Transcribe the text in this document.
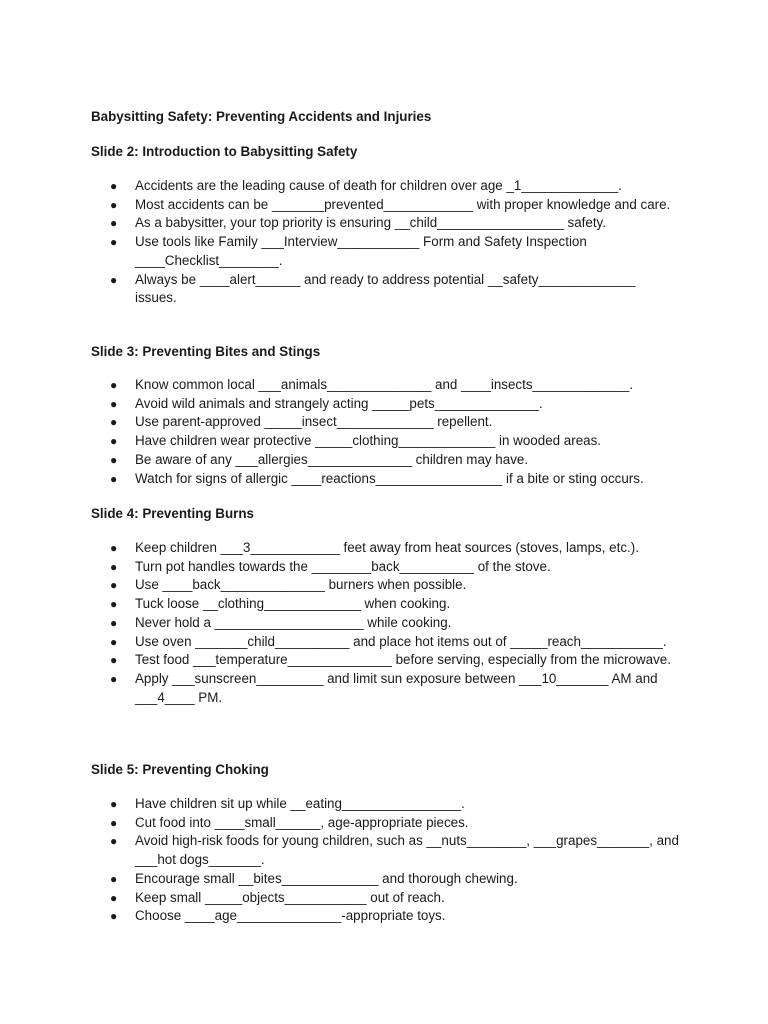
Babysitting Safety: Preventing Accidents and Injuries
Slide 2: Introduction to Babysitting Safety
● Accidents are the leading cause of death for children over age _1_____________.
● Most accidents can be _______prevented____________ with proper knowledge and care.
● As a babysitter, your top priority is ensuring __child_________________ safety.
● Use tools like Family ___Interview___________ Form and Safety Inspection ____Checklist________.
● Always be ____alert______ and ready to address potential __safety_____________ issues.
Slide 3: Preventing Bites and Stings
● Know common local ___animals______________ and ____insects_____________.
● Avoid wild animals and strangely acting _____pets______________.
● Use parent-approved _____insect_____________ repellent.
● Have children wear protective _____clothing_____________ in wooded areas.
● Be aware of any ___allergies______________ children may have.
● Watch for signs of allergic ____reactions_________________ if a bite or sting occurs.
Slide 4: Preventing Burns
● Keep children ___3____________ feet away from heat sources (stoves, lamps, etc.).
● Turn pot handles towards the ________back__________ of the stove.
● Use ____back______________ burners when possible.
● Tuck loose __clothing_____________ when cooking.
● Never hold a ____________________ while cooking.
● Use oven _______child__________ and place hot items out of _____reach___________.
● Test food ___temperature______________ before serving, especially from the microwave.
● Apply ___sunscreen_________ and limit sun exposure between ___10_______ AM and ___4____ PM.
Slide 5: Preventing Choking
● Have children sit up while __eating________________.
● Cut food into ____small______, age-appropriate pieces.
● Avoid high-risk foods for young children, such as __nuts________, ___grapes_______, and ___hot dogs_______.
● Encourage small __bites_____________ and thorough chewing.
● Keep small _____objects___________ out of reach.
● Choose ____age______________-appropriate toys.
